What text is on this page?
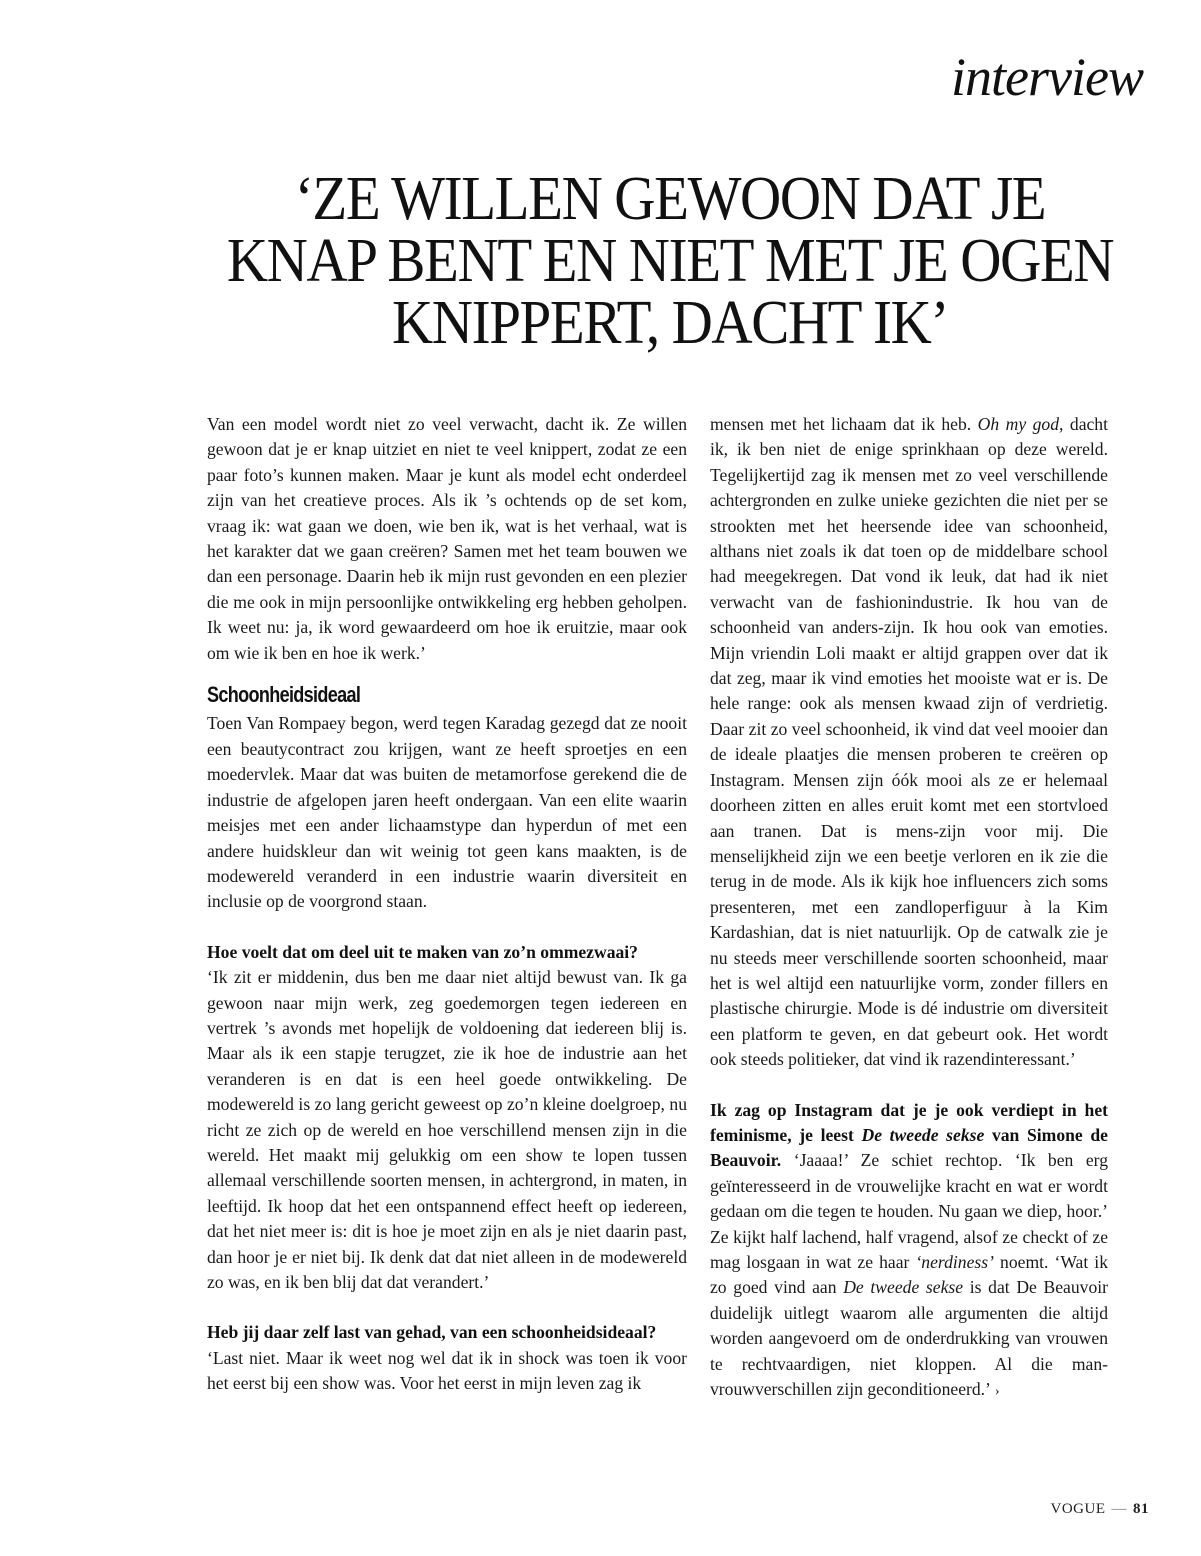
interview
‘ZE WILLEN GEWOON DAT JE KNAP BENT EN NIET MET JE OGEN KNIPPERT, DACHT IK’

Van een model wordt niet zo veel verwacht, dacht ik. Ze willen gewoon dat je er knap uitziet en niet te veel knippert, zodat ze een paar foto’s kunnen maken. Maar je kunt als model echt onderdeel zijn van het creatieve proces. Als ik ’s ochtends op de set kom, vraag ik: wat gaan we doen, wie ben ik, wat is het verhaal, wat is het karakter dat we gaan creëren? Samen met het team bouwen we dan een personage. Daarin heb ik mijn rust gevonden en een plezier die me ook in mijn persoonlijke ontwikkeling erg hebben geholpen. Ik weet nu: ja, ik word gewaardeerd om hoe ik eruitzie, maar ook om wie ik ben en hoe ik werk.’

Schoonheidsideaal

Toen Van Rompaey begon, werd tegen Karadag gezegd dat ze nooit een beautycontract zou krijgen, want ze heeft sproetjes en een moedervlek. Maar dat was buiten de metamorfose gerekend die de industrie de afgelopen jaren heeft ondergaan. Van een elite waarin meisjes met een ander lichaamstype dan hyperdun of met een andere huidskleur dan wit weinig tot geen kans maakten, is de modewereld veranderd in een industrie waarin diversiteit en inclusie op de voorgrond staan.

Hoe voelt dat om deel uit te maken van zo’n ommezwaai?

‘Ik zit er middenin, dus ben me daar niet altijd bewust van. Ik ga gewoon naar mijn werk, zeg goedemorgen tegen iedereen en vertrek ’s avonds met hopelijk de voldoening dat iedereen blij is. Maar als ik een stapje terugzet, zie ik hoe de industrie aan het veranderen is en dat is een heel goede ontwikkeling. De modewereld is zo lang gericht geweest op zo’n kleine doelgroep, nu richt ze zich op de wereld en hoe verschillend mensen zijn in die wereld. Het maakt mij gelukkig om een show te lopen tussen allemaal verschillende soorten mensen, in achtergrond, in maten, in leeftijd. Ik hoop dat het een ontspannend effect heeft op iedereen, dat het niet meer is: dit is hoe je moet zijn en als je niet daarin past, dan hoor je er niet bij. Ik denk dat dat niet alleen in de modewereld zo was, en ik ben blij dat dat verandert.’

Heb jij daar zelf last van gehad, van een schoonheidsideaal?

‘Last niet. Maar ik weet nog wel dat ik in shock was toen ik voor het eerst bij een show was. Voor het eerst in mijn leven zag ik

mensen met het lichaam dat ik heb. Oh my god, dacht ik, ik ben niet de enige sprinkhaan op deze wereld. Tegelijkertijd zag ik mensen met zo veel verschillende achtergronden en zulke unieke gezichten die niet per se strookten met het heersende idee van schoonheid, althans niet zoals ik dat toen op de middelbare school had meegekregen. Dat vond ik leuk, dat had ik niet verwacht van de fashionindustrie. Ik hou van de schoonheid van anders-zijn. Ik hou ook van emoties. Mijn vriendin Loli maakt er altijd grappen over dat ik dat zeg, maar ik vind emoties het mooiste wat er is. De hele range: ook als mensen kwaad zijn of verdrietig. Daar zit zo veel schoonheid, ik vind dat veel mooier dan de ideale plaatjes die mensen proberen te creëren op Instagram. Mensen zijn óók mooi als ze er helemaal doorheen zitten en alles eruit komt met een stortvloed aan tranen. Dat is mens-zijn voor mij. Die menselijkheid zijn we een beetje verloren en ik zie die terug in de mode. Als ik kijk hoe influencers zich soms presenteren, met een zandloperfiguur à la Kim Kardashian, dat is niet natuurlijk. Op de catwalk zie je nu steeds meer verschillende soorten schoonheid, maar het is wel altijd een natuurlijke vorm, zonder fillers en plastische chirurgie. Mode is dé industrie om diversiteit een platform te geven, en dat gebeurt ook. Het wordt ook steeds politieker, dat vind ik razendinteressant.’

Ik zag op Instagram dat je je ook verdiept in het feminisme, je leest De tweede sekse van Simone de Beauvoir. ‘Jaaaa!’ Ze schiet rechtop. ‘Ik ben erg geïnteresseerd in de vrouwelijke kracht en wat er wordt gedaan om die tegen te houden. Nu gaan we diep, hoor.’ Ze kijkt half lachend, half vragend, alsof ze checkt of ze mag losgaan in wat ze haar ‘nerdiness’ noemt. ‘Wat ik zo goed vind aan De tweede sekse is dat De Beauvoir duidelijk uitlegt waarom alle argumenten die altijd worden aangevoerd om de onderdrukking van vrouwen te rechtvaardigen, niet kloppen. Al die man-vrouwverschillen zijn geconditioneerd.’ ›

VOGUE — 81
